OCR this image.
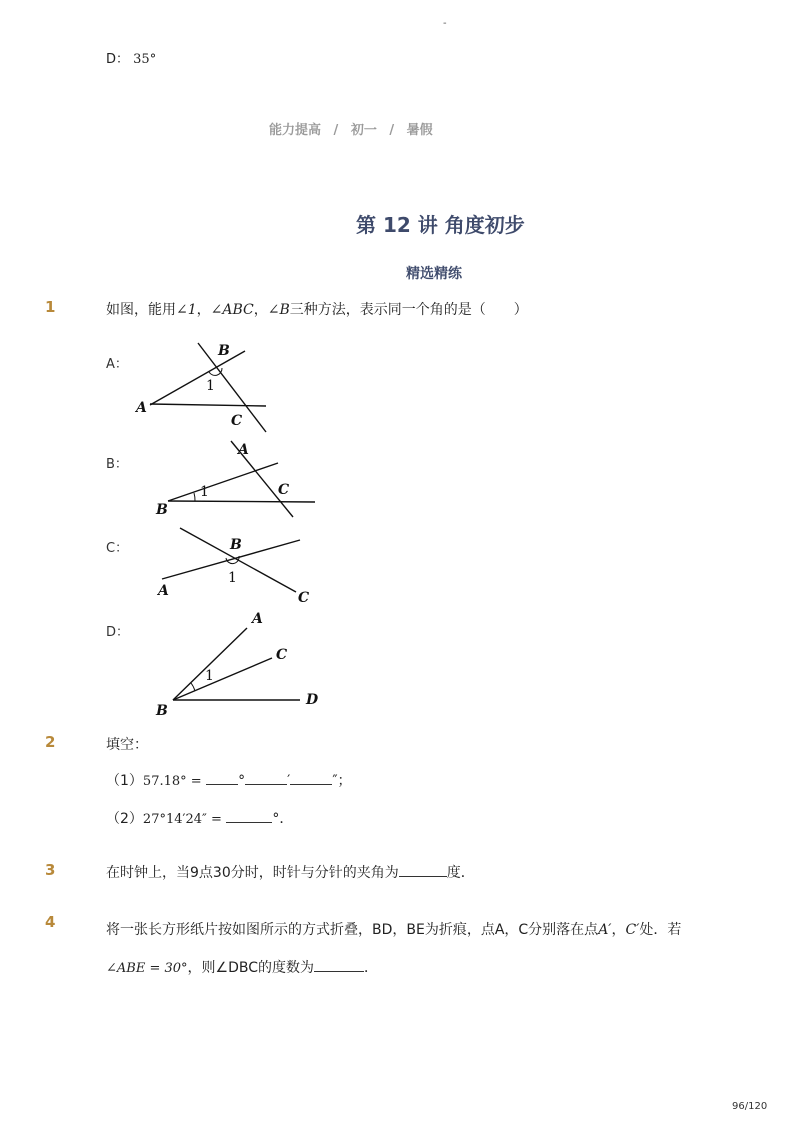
-
D： 35°
能力提高 / 初一 / 暑假
第 12 讲 角度初步
精选精练
1	如图，能用∠1，∠ABC，∠B三种方法，表示同一个角的是（　　）
A：
B
1
A
C
B：
A
1	C
B
C：	B
1
A	C
D：
A
C
1
D
B
2	填空：
（1）57.18° =	°	′	″；
（2）27°14′24″ =	°．
3	在时钟上，当9点30分时，时针与分针的夹角为	度．
4	将一张长方形纸片按如图所示的方式折叠，BD，BE为折痕，点A，C分别落在点A′，C′处．若
∠ABE = 30°，则∠DBC的度数为	．
96/120
